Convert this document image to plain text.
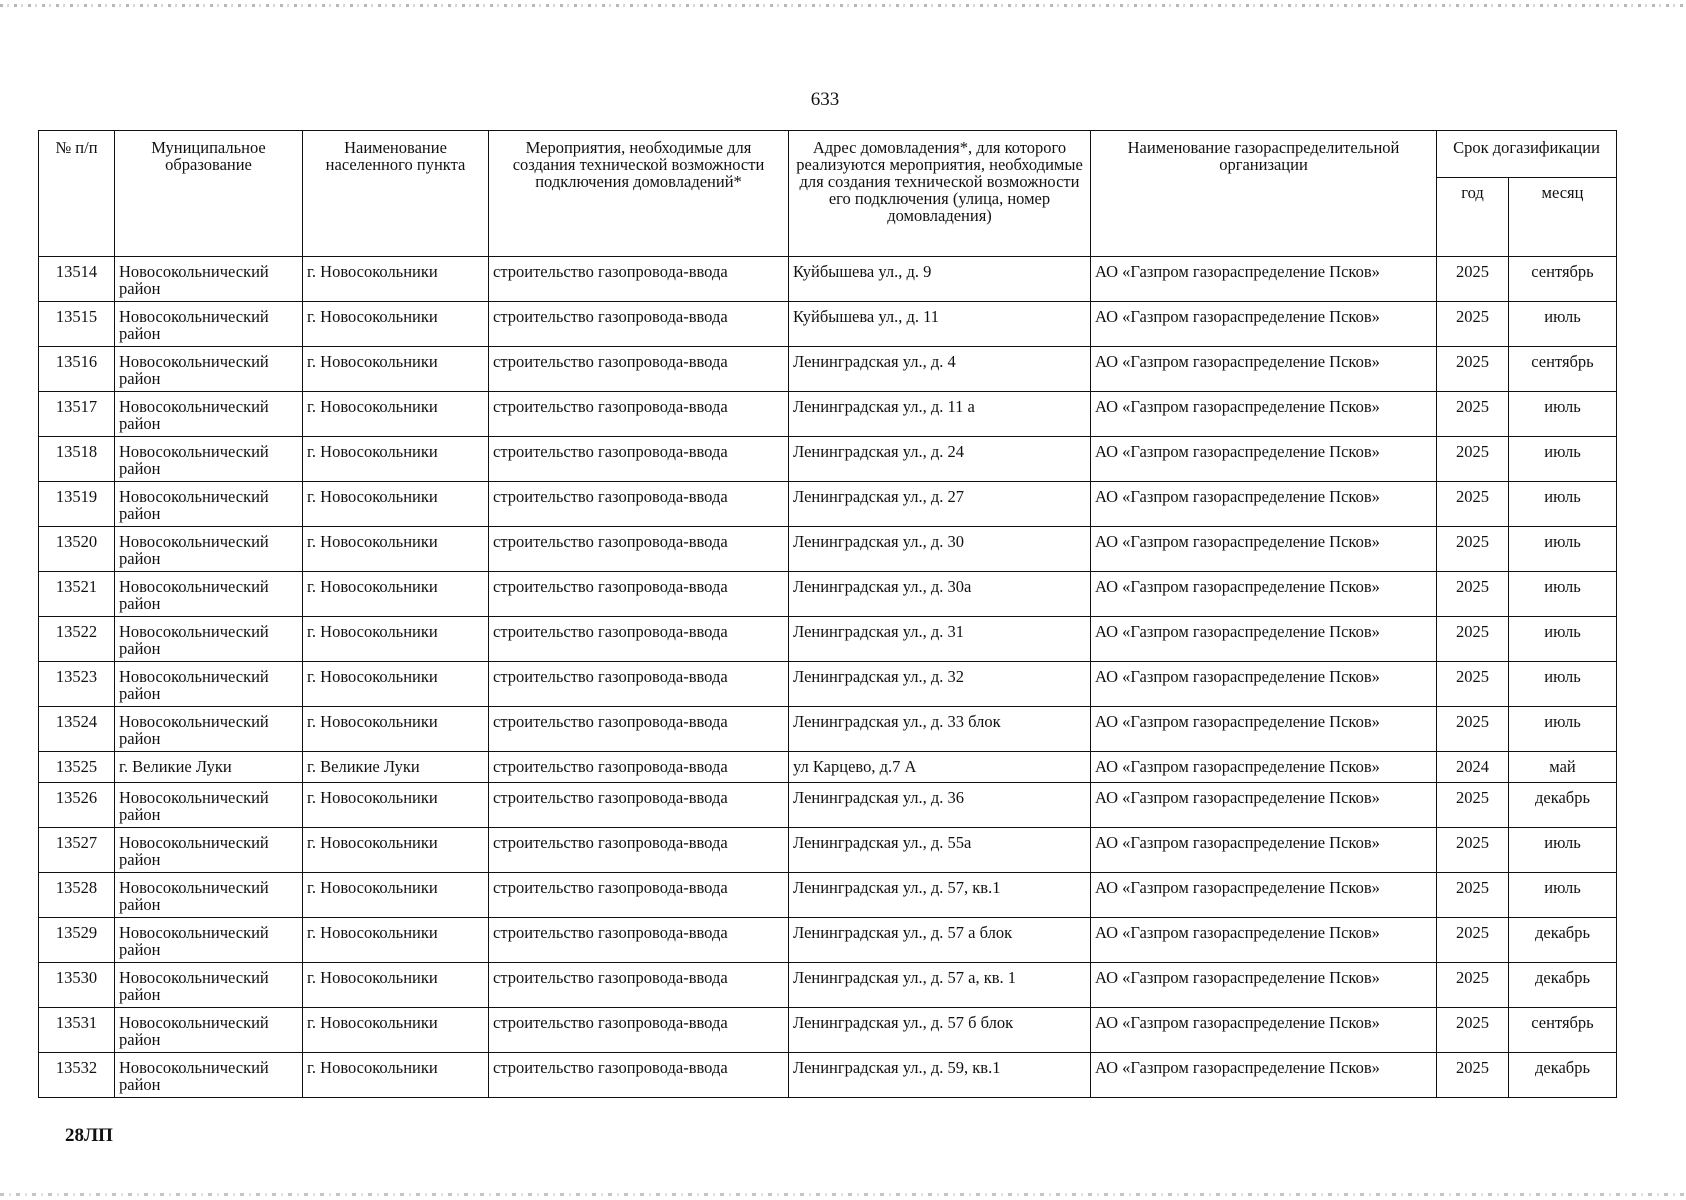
633
№ п/п	Муниципальное образование	Наименование населенного пункта	Мероприятия, необходимые для создания технической возможности подключения домовладений*	Адрес домовладения*, для которого реализуются мероприятия, необходимые для создания технической возможности его подключения (улица, номер домовладения)	Наименование газораспределительной организации	Срок догазификации	
						год	месяц
13514	Новосокольнический район	г. Новосокольники	строительство газопровода-ввода	Куйбышева ул., д. 9	АО «Газпром газораспределение Псков»	2025	сентябрь
13515	Новосокольнический район	г. Новосокольники	строительство газопровода-ввода	Куйбышева ул., д. 11	АО «Газпром газораспределение Псков»	2025	июль
13516	Новосокольнический район	г. Новосокольники	строительство газопровода-ввода	Ленинградская ул., д. 4	АО «Газпром газораспределение Псков»	2025	сентябрь
13517	Новосокольнический район	г. Новосокольники	строительство газопровода-ввода	Ленинградская ул., д. 11 а	АО «Газпром газораспределение Псков»	2025	июль
13518	Новосокольнический район	г. Новосокольники	строительство газопровода-ввода	Ленинградская ул., д. 24	АО «Газпром газораспределение Псков»	2025	июль
13519	Новосокольнический район	г. Новосокольники	строительство газопровода-ввода	Ленинградская ул., д. 27	АО «Газпром газораспределение Псков»	2025	июль
13520	Новосокольнический район	г. Новосокольники	строительство газопровода-ввода	Ленинградская ул., д. 30	АО «Газпром газораспределение Псков»	2025	июль
13521	Новосокольнический район	г. Новосокольники	строительство газопровода-ввода	Ленинградская ул., д. 30а	АО «Газпром газораспределение Псков»	2025	июль
13522	Новосокольнический район	г. Новосокольники	строительство газопровода-ввода	Ленинградская ул., д. 31	АО «Газпром газораспределение Псков»	2025	июль
13523	Новосокольнический район	г. Новосокольники	строительство газопровода-ввода	Ленинградская ул., д. 32	АО «Газпром газораспределение Псков»	2025	июль
13524	Новосокольнический район	г. Новосокольники	строительство газопровода-ввода	Ленинградская ул., д. 33 блок	АО «Газпром газораспределение Псков»	2025	июль
13525	г. Великие Луки	г. Великие Луки	строительство газопровода-ввода	ул Карцево, д.7 А	АО «Газпром газораспределение Псков»	2024	май
13526	Новосокольнический район	г. Новосокольники	строительство газопровода-ввода	Ленинградская ул., д. 36	АО «Газпром газораспределение Псков»	2025	декабрь
13527	Новосокольнический район	г. Новосокольники	строительство газопровода-ввода	Ленинградская ул., д. 55а	АО «Газпром газораспределение Псков»	2025	июль
13528	Новосокольнический район	г. Новосокольники	строительство газопровода-ввода	Ленинградская ул., д. 57, кв.1	АО «Газпром газораспределение Псков»	2025	июль
13529	Новосокольнический район	г. Новосокольники	строительство газопровода-ввода	Ленинградская ул., д. 57 а блок	АО «Газпром газораспределение Псков»	2025	декабрь
13530	Новосокольнический район	г. Новосокольники	строительство газопровода-ввода	Ленинградская ул., д. 57 а, кв. 1	АО «Газпром газораспределение Псков»	2025	декабрь
13531	Новосокольнический район	г. Новосокольники	строительство газопровода-ввода	Ленинградская ул., д. 57 б блок	АО «Газпром газораспределение Псков»	2025	сентябрь
13532	Новосокольнический район	г. Новосокольники	строительство газопровода-ввода	Ленинградская ул., д. 59, кв.1	АО «Газпром газораспределение Псков»	2025	декабрь
28ЛП
